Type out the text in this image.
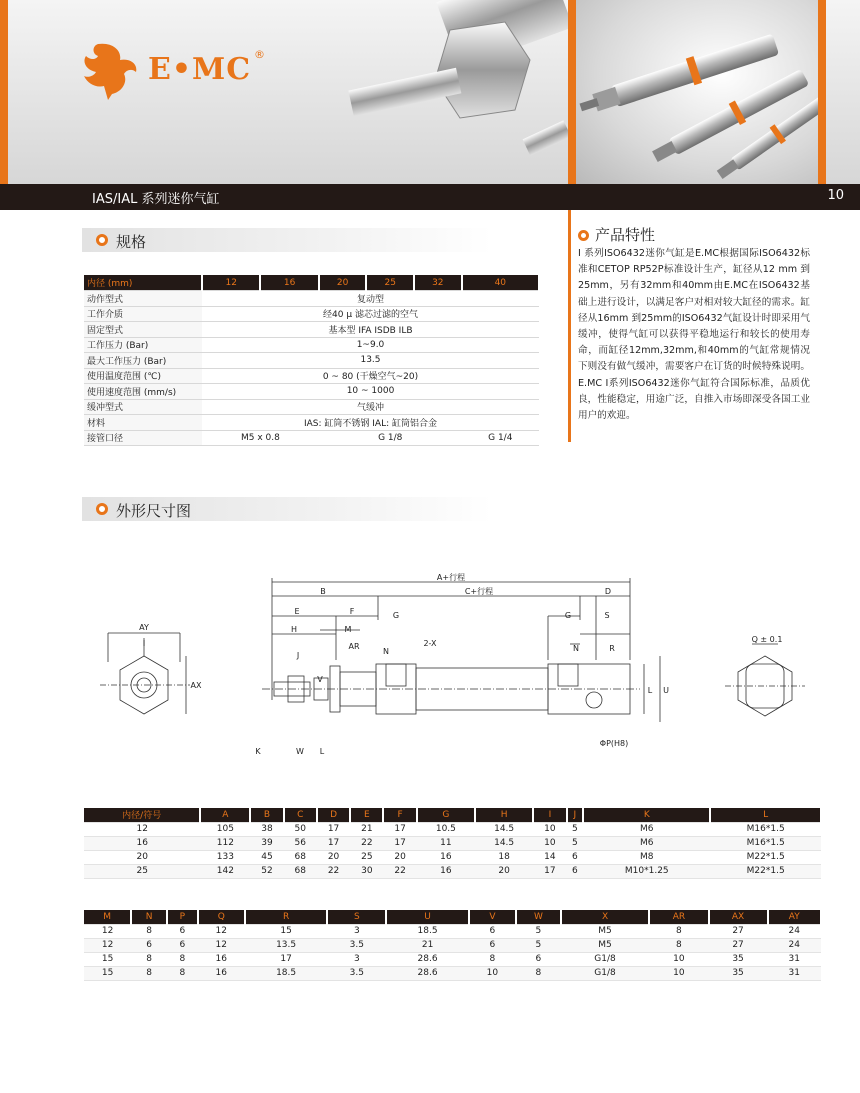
E•MC ®
IAS/IAL 系列迷你气缸	10
规格
内径 (mm)	12	16	20	25	32	40
动作型式	复动型					
工作介质	经40 μ 滤芯过滤的空气					
固定型式	基本型 IFA ISDB ILB					
工作压力 (Bar)	1~9.0					
最大工作压力 (Bar)	13.5					
使用温度范围 (℃)	0 ~ 80 (干燥空气~20)					
使用速度范围 (mm/s)	10 ~ 1000					
缓冲型式	气缓冲					
材料	IAS: 缸筒不锈钢 IAL: 缸筒铝合金					
接管口径	M5 x 0.8		G 1/8			G 1/4
产品特性
I 系列ISO6432迷你气缸是E.MC根据国际ISO6432标准和CETOP RP52P标准设计生产，缸径从12 mm 到 25mm，另有32mm和40mm由E.MC在ISO6432基础上进行设计，以满足客户对相对较大缸径的需求。缸径从16mm 到25mm的ISO6432气缸设计时即采用气缓冲，使得气缸可以获得平稳地运行和较长的使用寿命，而缸径12mm,32mm,和40mm的气缸常规情况下则没有做气缓冲，需要客户在订货的时候特殊说明。E.MC I系列ISO6432迷你气缸符合国际标准，品质优良，性能稳定，用途广泛，自推入市场即深受各国工业用户的欢迎。
外形尺寸图
A+行程
B	C+行程	D
E	F	G	G	S
H	M
J
AR
N	N
2-X
R
V
L U
K	W L
ΦP(H8)
AY
I
AX
Q ± 0.1
内径/符号	A	B	C	D	E	F	G	H	I	J	K	L
12	105	38	50	17	21	17	10.5	14.5	10	5	M6	M16*1.5
16	112	39	56	17	22	17	11	14.5	10	5	M6	M16*1.5
20	133	45	68	20	25	20	16	18	14	6	M8	M22*1.5
25	142	52	68	22	30	22	16	20	17	6	M10*1.25	M22*1.5
M	N	P	Q	R	S	U	V	W	X	AR	AX	AY
12	8	6	12	15	3	18.5	6	5	M5	8	27	24
12	6	6	12	13.5	3.5	21	6	5	M5	8	27	24
15	8	8	16	17	3	28.6	8	6	G1/8	10	35	31
15	8	8	16	18.5	3.5	28.6	10	8	G1/8	10	35	31
